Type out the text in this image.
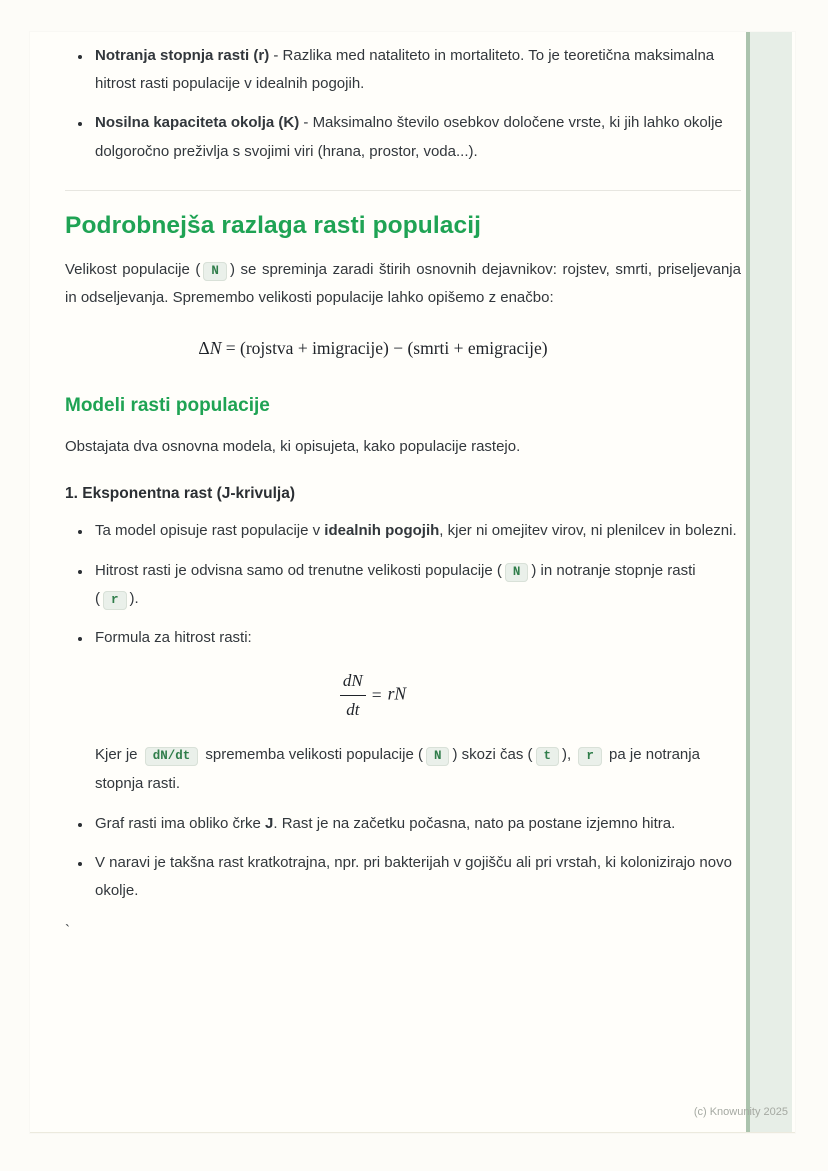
• Notranja stopnja rasti (r) - Razlika med nataliteto in mortaliteto. To je teoretična maksimalna hitrost rasti populacije v idealnih pogojih.
• Nosilna kapaciteta okolja (K) - Maksimalno število osebkov določene vrste, ki jih lahko okolje dolgoročno preživlja s svojimi viri (hrana, prostor, voda...).
Podrobnejša razlaga rasti populacij

Velikost populacije ( N ) se spreminja zaradi štirih osnovnih dejavnikov: rojstev, smrti, priseljevanja in odseljevanja. Spremembo velikosti populacije lahko opišemo z enačbo:

ΔN = (rojstva + imigracije) − (smrti + emigracije)
Modeli rasti populacije

Obstajata dva osnovna modela, ki opisujeta, kako populacije rastejo.

1. Eksponentna rast (J-krivulja)
• Ta model opisuje rast populacije v idealnih pogojih, kjer ni omejitev virov, ni plenilcev in bolezni.
• Hitrost rasti je odvisna samo od trenutne velikosti populacije ( N ) in notranje stopnje rasti ( r ).
• Formula za hitrost rasti:
$\frac{dN}{dt}$ = rN

Kjer je dN/dt sprememba velikosti populacije ( N ) skozi čas ( t ), r pa je notranja stopnja rasti.

• Graf rasti ima obliko črke J. Rast je na začetku počasna, nato pa postane izjemno hitra.
• V naravi je takšna rast kratkotrajna, npr. pri bakterijah v gojišču ali pri vrstah, ki kolonizirajo novo okolje.

`

(c) Knowunity 2025
